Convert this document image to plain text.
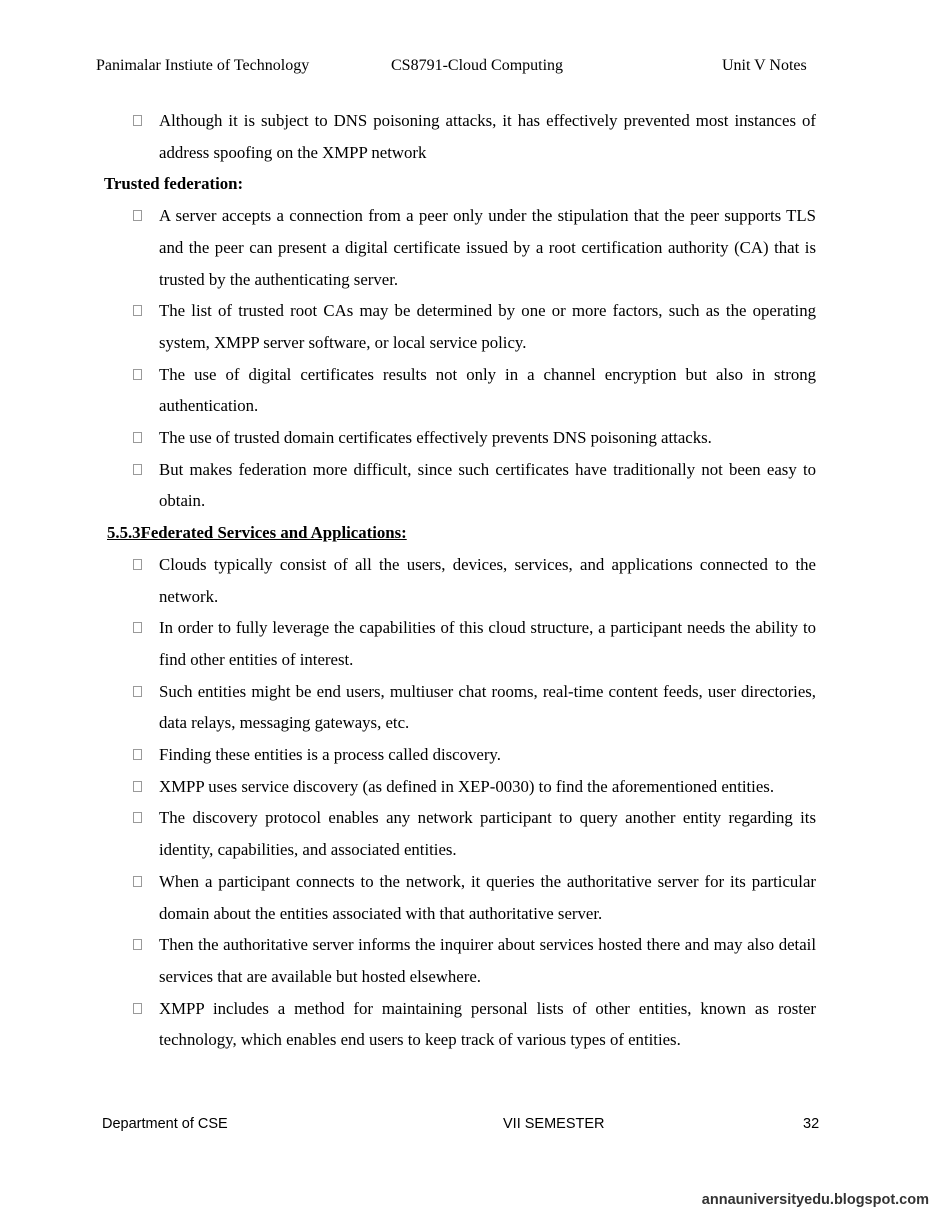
Panimalar Instiute of Technology	CS8791-Cloud Computing	Unit V Notes
Although it is subject to DNS poisoning attacks, it has effectively prevented most instances of address spoofing on the XMPP network
Trusted federation:
A server accepts a connection from a peer only under the stipulation that the peer supports TLS and the peer can present a digital certificate issued by a root certification authority (CA) that is trusted by the authenticating server.
The list of trusted root CAs may be determined by one or more factors, such as the operating system, XMPP server software, or local service policy.
The use of digital certificates results not only in a channel encryption but also in strong authentication.
The use of trusted domain certificates effectively prevents DNS poisoning attacks.
But makes federation more difficult, since such certificates have traditionally not been easy to obtain.
5.5.3Federated Services and Applications:
Clouds typically consist of all the users, devices, services, and applications connected to the network.
In order to fully leverage the capabilities of this cloud structure, a participant needs the ability to find other entities of interest.
Such entities might be end users, multiuser chat rooms, real-time content feeds, user directories, data relays, messaging gateways, etc.
Finding these entities is a process called discovery.
XMPP uses service discovery (as defined in XEP-0030) to find the aforementioned entities.
The discovery protocol enables any network participant to query another entity regarding its identity, capabilities, and associated entities.
When a participant connects to the network, it queries the authoritative server for its particular domain about the entities associated with that authoritative server.
Then the authoritative server informs the inquirer about services hosted there and may also detail services that are available but hosted elsewhere.
XMPP includes a method for maintaining personal lists of other entities, known as roster technology, which enables end users to keep track of various types of entities.
Department of CSE	VII SEMESTER	32
annauniversityedu.blogspot.com
